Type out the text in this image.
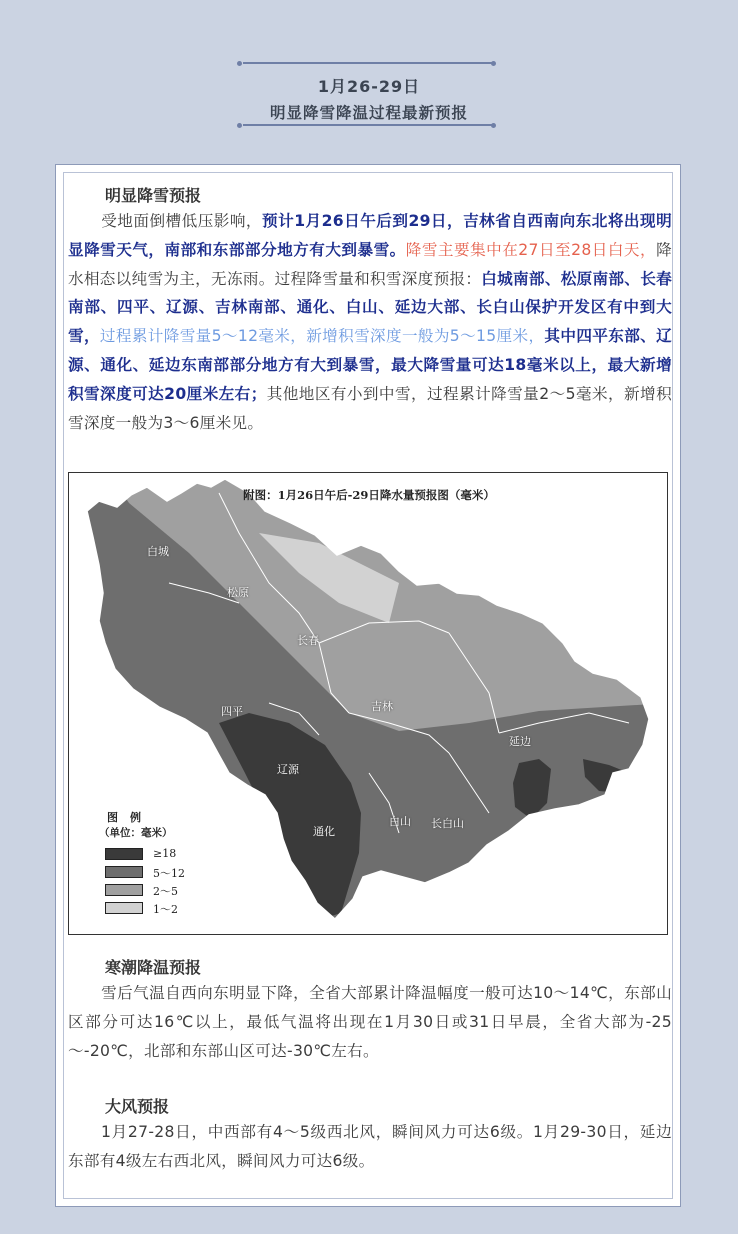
1月26-29日
明显降雪降温过程最新预报
明显降雪预报
受地面倒槽低压影响，预计1月26日午后到29日，吉林省自西南向东北将出现明显降雪天气，南部和东部部分地方有大到暴雪。降雪主要集中在27日至28日白天，降水相态以纯雪为主，无冻雨。过程降雪量和积雪深度预报：白城南部、松原南部、长春南部、四平、辽源、吉林南部、通化、白山、延边大部、长白山保护开发区有中到大雪，过程累计降雪量5～12毫米，新增积雪深度一般为5～15厘米，其中四平东部、辽源、通化、延边东南部部分地方有大到暴雪，最大降雪量可达18毫米以上，最大新增积雪深度可达20厘米左右；其他地区有小到中雪，过程累计降雪量2～5毫米，新增积雪深度一般为3～6厘米见。
附图：1月26日午后-29日降水量预报图（毫米）
白城
松原
长春
吉林
四平
辽源
延边
白山 长白山
通化
图例
（单位：毫米）
≥18
5～12
2～5
1～2
寒潮降温预报
雪后气温自西向东明显下降，全省大部累计降温幅度一般可达10～14℃，东部山区部分可达16℃以上，最低气温将出现在1月30日或31日早晨，全省大部为-25～-20℃，北部和东部山区可达-30℃左右。
大风预报
1月27-28日，中西部有4～5级西北风，瞬间风力可达6级。1月29-30日，延边东部有4级左右西北风，瞬间风力可达6级。
